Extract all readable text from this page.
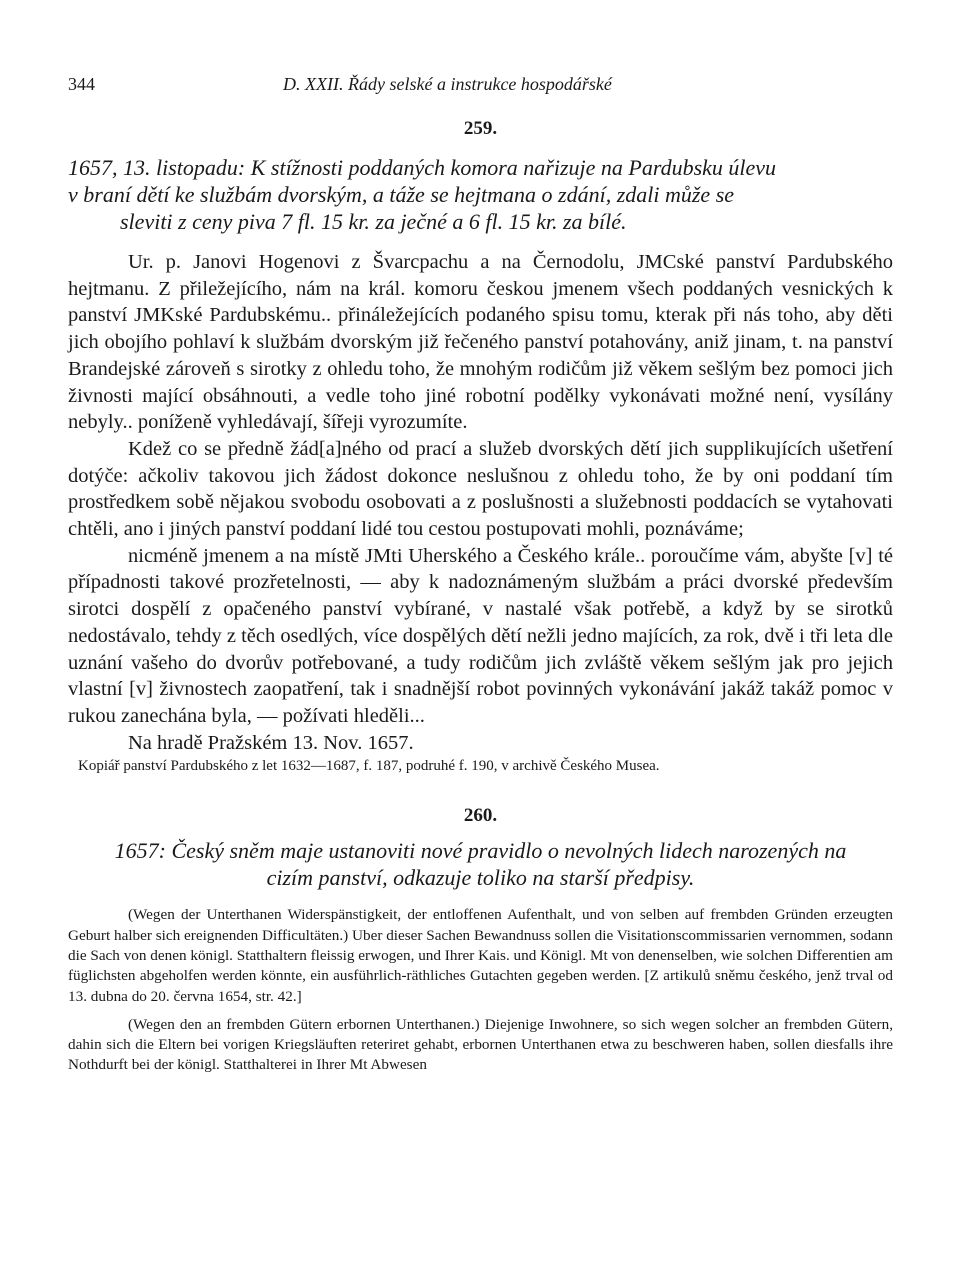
344	D. XXII. Řády selské a instrukce hospodářské
259.
1657, 13. listopadu: K stížnosti poddaných komora nařizuje na Pardubsku úlevu
v braní dětí ke službám dvorským, a táže se hejtmana o zdání, zdali může se
sleviti z ceny piva 7 fl. 15 kr. za ječné a 6 fl. 15 kr. za bílé.

Ur. p. Janovi Hogenovi z Švarcpachu a na Černodolu, JMCské panství Pardubského hejtmanu. Z přiležejícího, nám na král. komoru českou jmenem všech poddaných vesnických k panství JMKské Pardubskému.. přináležejících podaného spisu tomu, kterak při nás toho, aby děti jich obojího pohlaví k službám dvorským již řečeného panství potahovány, aniž jinam, t. na panství Brandejské zároveň s sirotky z ohledu toho, že mnohým rodičům již věkem sešlým bez pomoci jich živnosti mající obsáhnouti, a vedle toho jiné robotní podělky vykonávati možné není, vysílány nebyly.. poníženě vyhledávají, šířeji vyrozumíte.

Kdež co se předně žád[a]ného od prací a služeb dvorských dětí jich supplikujících ušetření dotýče: ačkoliv takovou jich žádost dokonce neslušnou z ohledu toho, že by oni poddaní tím prostředkem sobě nějakou svobodu osobovati a z poslušnosti a služebnosti poddacích se vytahovati chtěli, ano i jiných panství poddaní lidé tou cestou postupovati mohli, poznáváme;

nicméně jmenem a na místě JMti Uherského a Českého krále.. poroučíme vám, abyšte [v] té případnosti takové prozřetelnosti, — aby k nadoznámeným službám a práci dvorské především sirotci dospělí z opačeného panství vybírané, v nastalé však potřebě, a když by se sirotků nedostávalo, tehdy z těch osedlých, více dospělých dětí nežli jedno majících, za rok, dvě i tři leta dle uznání vašeho do dvorův potřebované, a tudy rodičům jich zvláště věkem sešlým jak pro jejich vlastní [v] živnostech zaopatření, tak i snadnější robot povinných vykonávání jakáž takáž pomoc v rukou zanechána byla, — požívati hleděli...

Na hradě Pražském 13. Nov. 1657.

Kopiář panství Pardubského z let 1632—1687, f. 187, podruhé f. 190, v archivě Českého Musea.
260.
1657: Český sněm maje ustanoviti nové pravidlo o nevolných lidech narozených na
cizím panství, odkazuje toliko na starší předpisy.

(Wegen der Unterthanen Widerspänstigkeit, der entloffenen Aufenthalt, und von selben auf frembden Gründen erzeugten Geburt halber sich ereignenden Difficultäten.) Uber dieser Sachen Bewandnuss sollen die Visitationscommissarien vernommen, sodann die Sach von denen königl. Statthaltern fleissig erwogen, und Ihrer Kais. und Königl. Mt von denenselben, wie solchen Differentien am füglichsten abgeholfen werden könnte, ein ausführlich-räthliches Gutachten gegeben werden. [Z artikulů sněmu českého, jenž trval od 13. dubna do 20. června 1654, str. 42.]

(Wegen den an frembden Gütern erbornen Unterthanen.) Diejenige Inwohnere, so sich wegen solcher an frembden Gütern, dahin sich die Eltern bei vorigen Kriegsläuften reteriret gehabt, erbornen Unterthanen etwa zu beschweren haben, sollen diesfalls ihre Nothdurft bei der königl. Statthalterei in Ihrer Mt Abwesen
